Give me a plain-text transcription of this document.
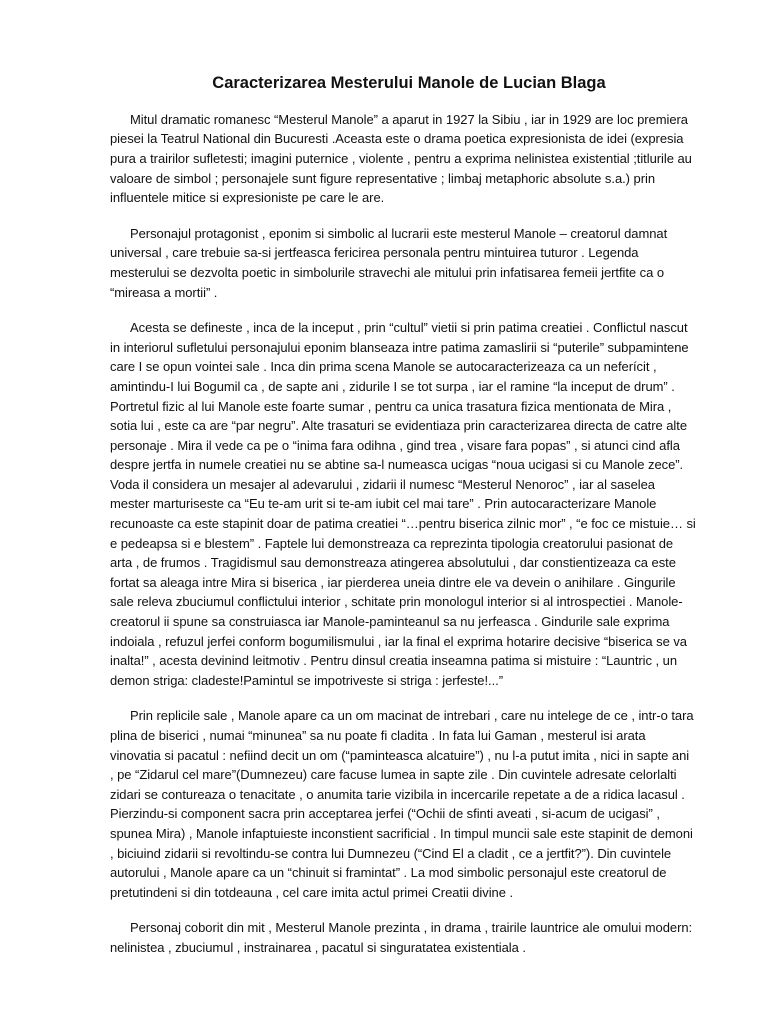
Caracterizarea Mesterului Manole de Lucian Blaga

Mitul dramatic romanesc “Mesterul Manole” a aparut in 1927 la Sibiu , iar in 1929 are loc premiera piesei la Teatrul National din Bucuresti .Aceasta este o drama poetica expresionista de idei (expresia pura a trairilor sufletesti; imagini puternice , violente , pentru a exprima nelinistea existential ;titlurile au valoare de simbol ; personajele sunt figure representative ; limbaj metaphoric absolute s.a.) prin influentele mitice si expresioniste pe care le are.

Personajul protagonist , eponim si simbolic al lucrarii este mesterul Manole – creatorul damnat universal , care trebuie sa-si jertfeasca fericirea personala pentru mintuirea tuturor . Legenda mesterului se dezvolta poetic in simbolurile stravechi ale mitului prin infatisarea femeii jertfite ca o “mireasa a mortii” .

Acesta se defineste , inca de la inceput , prin “cultul” vietii si prin patima creatiei . Conflictul nascut in interiorul sufletului personajului eponim blanseaza intre patima zamaslirii si “puterile” subpamintene care I se opun vointei sale . Inca din prima scena Manole se autocaracterizeaza ca un neferícit , amintindu-I lui Bogumil ca , de sapte ani , zidurile I se tot surpa , iar el ramine “la inceput de drum” . Portretul fizic al lui Manole este foarte sumar , pentru ca unica trasatura fizica mentionata de Mira , sotia lui , este ca are “par negru”. Alte trasaturi se evidentiaza prin caracterizarea directa de catre alte personaje . Mira il vede ca pe o “inima fara odihna , gind trea , visare fara popas” , si atunci cind afla despre jertfa in numele creatiei nu se abtine sa-l numeasca ucigas “noua ucigasi si cu Manole zece”. Voda il considera un mesajer al adevarului , zidarii il numesc “Mesterul Nenoroc” , iar al saselea mester marturiseste ca “Eu te-am urit si te-am iubit cel mai tare” . Prin autocaracterizare Manole recunoaste ca este stapinit doar de patima creatiei “…pentru biserica zilnic mor” , “e foc ce mistuie… si e pedeapsa si e blestem” . Faptele lui demonstreaza ca reprezinta tipologia creatorului pasionat de arta , de frumos . Tragidismul sau demonstreaza atingerea absolutului , dar constientizeaza ca este fortat sa aleaga intre Mira si biserica , iar pierderea uneia dintre ele va devein o anihilare . Gingurile sale releva zbuciumul conflictului interior , schitate prin monologul interior si al introspectiei . Manole-creatorul ii spune sa construiasca iar Manole-paminteanul sa nu jerfeasca . Gindurile sale exprima indoiala , refuzul jerfei conform bogumilismului , iar la final el exprima hotarire decisive “biserica se va inalta!” , acesta devinind leitmotiv . Pentru dinsul creatia inseamna patima si mistuire : “Launtric , un demon striga: cladeste!Pamintul se impotriveste si striga : jerfeste!...”

Prin replicile sale , Manole apare ca un om macinat de intrebari , care nu intelege de ce , intr-o tara plina de biserici , numai “minunea” sa nu poate fi cladita . In fata lui Gaman , mesterul isi arata vinovatia si pacatul : nefiind decit un om (“paminteasca alcatuire”) , nu l-a putut imita , nici in sapte ani , pe “Zidarul cel mare”(Dumnezeu) care facuse lumea in sapte zile . Din cuvintele adresate celorlalti zidari se contureaza o tenacitate , o anumita tarie vizibila in incercarile repetate a de a ridica lacasul . Pierzindu-si component sacra prin acceptarea jerfei (“Ochii de sfinti aveati , si-acum de ucigasi” , spunea Mira) , Manole infaptuieste inconstient sacrificial . In timpul muncii sale este stapinit de demoni , biciuind zidarii si revoltindu-se contra lui Dumnezeu (“Cind El a cladit , ce a jertfit?”). Din cuvintele autorului , Manole apare ca un “chinuit si framintat” . La mod simbolic personajul este creatorul de pretutindeni si din totdeauna , cel care imita actul primei Creatii divine .

Personaj coborit din mit , Mesterul Manole prezinta , in drama , trairile launtrice ale omului modern: nelinistea , zbuciumul , instrainarea , pacatul si singuratatea existentiala .
